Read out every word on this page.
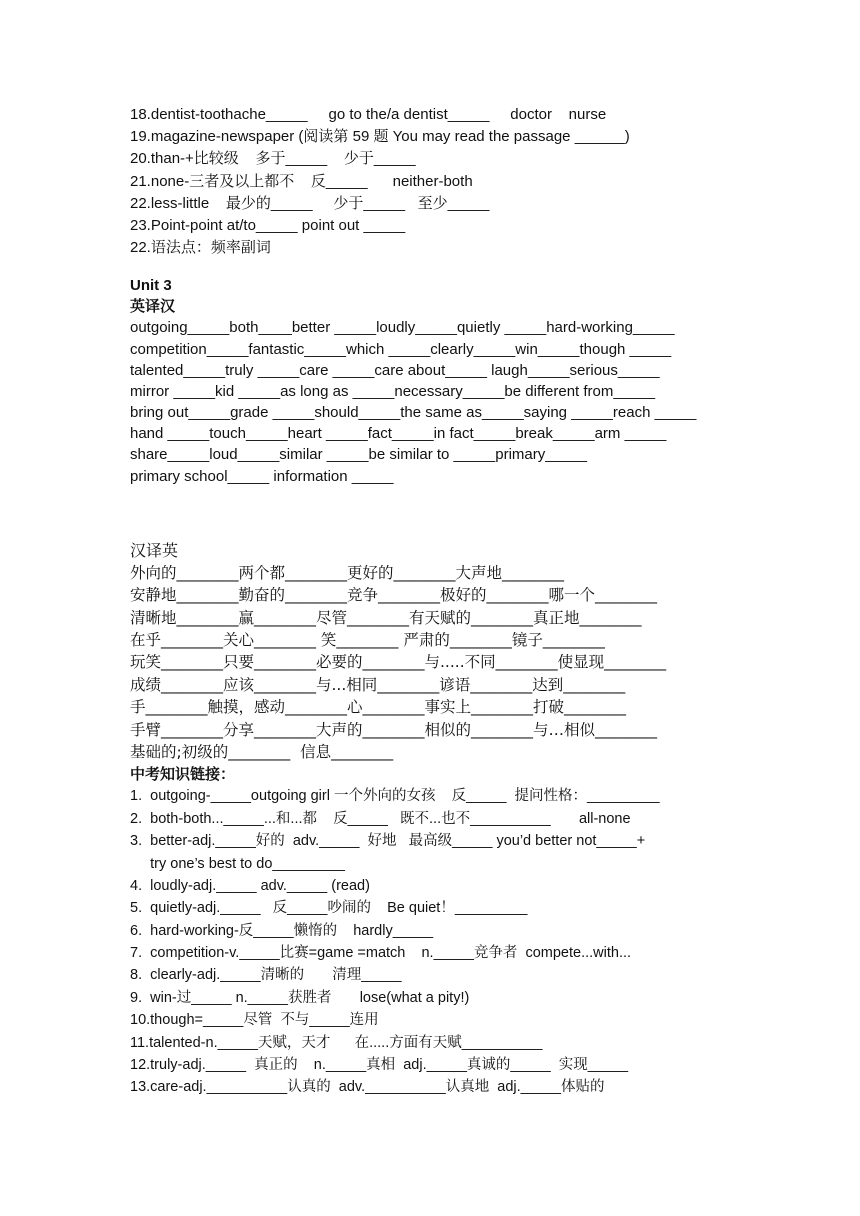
18.dentist-toothache_____     go to the/a dentist_____     doctor    nurse
19.magazine-newspaper (阅读第 59 题 You may read the passage ______)
20.than-+比较级    多于_____    少于_____
21.none-三者及以上都不    反_____      neither-both
22.less-little    最少的_____     少于_____   至少_____
23.Point-point at/to_____ point out _____
22.语法点：频率副词
Unit 3
英译汉
outgoing_____both____better _____loudly_____quietly _____hard-working_____
competition_____fantastic_____which _____clearly_____win_____though _____
talented_____truly _____care _____care about_____ laugh_____serious_____
mirror _____kid _____as long as _____necessary_____be different from_____
bring out_____grade _____should_____the same as_____saying _____reach _____
hand _____touch_____heart _____fact_____in fact_____break_____arm _____
share_____loud_____similar _____be similar to _____primary_____
primary school_____ information _____
汉译英
外向的________两个都________更好的________大声地________
安静地________勤奋的________竞争________极好的________哪一个________
清晰地________赢________尽管________有天赋的________真正地________
在乎________关心________ 笑________ 严肃的________镜子________
玩笑________只要________必要的________与.....不同________使显现________
成绩________应该________与...相同________谚语________达到________
手________触摸，感动________心________事实上________打破________
手臂________分享________大声的________相似的________与…相似________
基础的;初级的________  信息________
中考知识链接：
1.  outgoing-_____outgoing girl 一个外向的女孩    反_____  提问性格：_________
2.  both-both..._____...和...都    反_____   既不...也不__________       all-none
3.  better-adj._____好的  adv._____  好地   最高级_____ you’d better not_____+
try one’s best to do_________
4.  loudly-adj._____ adv._____ (read)
5.  quietly-adj._____   反_____吵闹的    Be quiet！_________
6.  hard-working-反_____懒惰的    hardly_____
7.  competition-v._____比赛=game =match    n._____竞争者  compete...with...
8.  clearly-adj._____清晰的       清理_____
9.  win-过_____ n._____获胜者       lose(what a pity!)
10.though=_____尽管  不与_____连用
11.talented-n._____天赋，天才      在.....方面有天赋__________
12.truly-adj._____  真正的    n._____真相  adj._____真诚的_____  实现_____
13.care-adj.__________认真的  adv.__________认真地  adj._____体贴的
